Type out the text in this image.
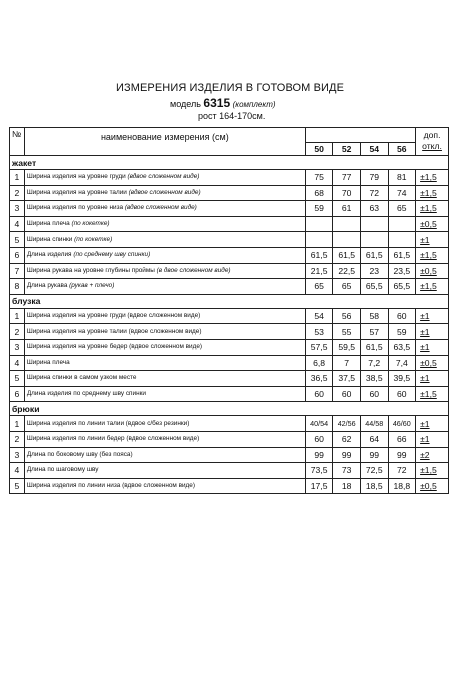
ИЗМЕРЕНИЯ ИЗДЕЛИЯ В ГОТОВОМ ВИДЕ
модель 6315 (комплект)
рост 164-170см.
№	наименование измерения (см)					доп.
откл.
		50	52	54	56	
жакет						
1	Ширина изделия на уровне груди (вдвое сложенном виде)	75	77	79	81	±1,5
2	Ширина изделия на уровне талии (вдвое сложенном виде)	68	70	72	74	±1,5
3	Ширина изделия по уровне низа (вдвое сложенном виде)	59	61	63	65	±1,5
4	Ширина плеча (по кокетке)					±0,5
5	Ширина спинки (по кокетке)					±1
6	Длина изделия (по среднему шву спинки)	61,5	61,5	61,5	61,5	±1,5
7	Ширина рукава на уровне глубины проймы (в двое сложенном виде)	21,5	22,5	23	23,5	±0,5
8	Длина рукава (рукав + плечо)	65	65	65,5	65,5	±1,5
блузка						
1	Ширина изделия на уровне груди (вдвое сложенном виде)	54	56	58	60	±1
2	Ширина изделия на уровне талии (вдвое сложенном виде)	53	55	57	59	±1
3	Ширина изделия на уровне бедер (вдвое сложенном виде)	57,5	59,5	61,5	63,5	±1
4	Ширина плеча	6,8	7	7,2	7,4	±0,5
5	Ширина спинки в самом узком месте	36,5	37,5	38,5	39,5	±1
6	Длина изделия по среднему шву спинки	60	60	60	60	±1,5
брюки						
1	Ширина изделия по линии талии (вдвое с/без резинки)	40/54	42/56	44/58	46/60	±1
2	Ширина изделия по линии бедер (вдвое сложенном виде)	60	62	64	66	±1
3	Длина по боковому шву (без пояса)	99	99	99	99	±2
4	Длина по шаговому шву	73,5	73	72,5	72	±1,5
5	Ширина изделия по линии низа (вдвое сложенном виде)	17,5	18	18,5	18,8	±0,5
